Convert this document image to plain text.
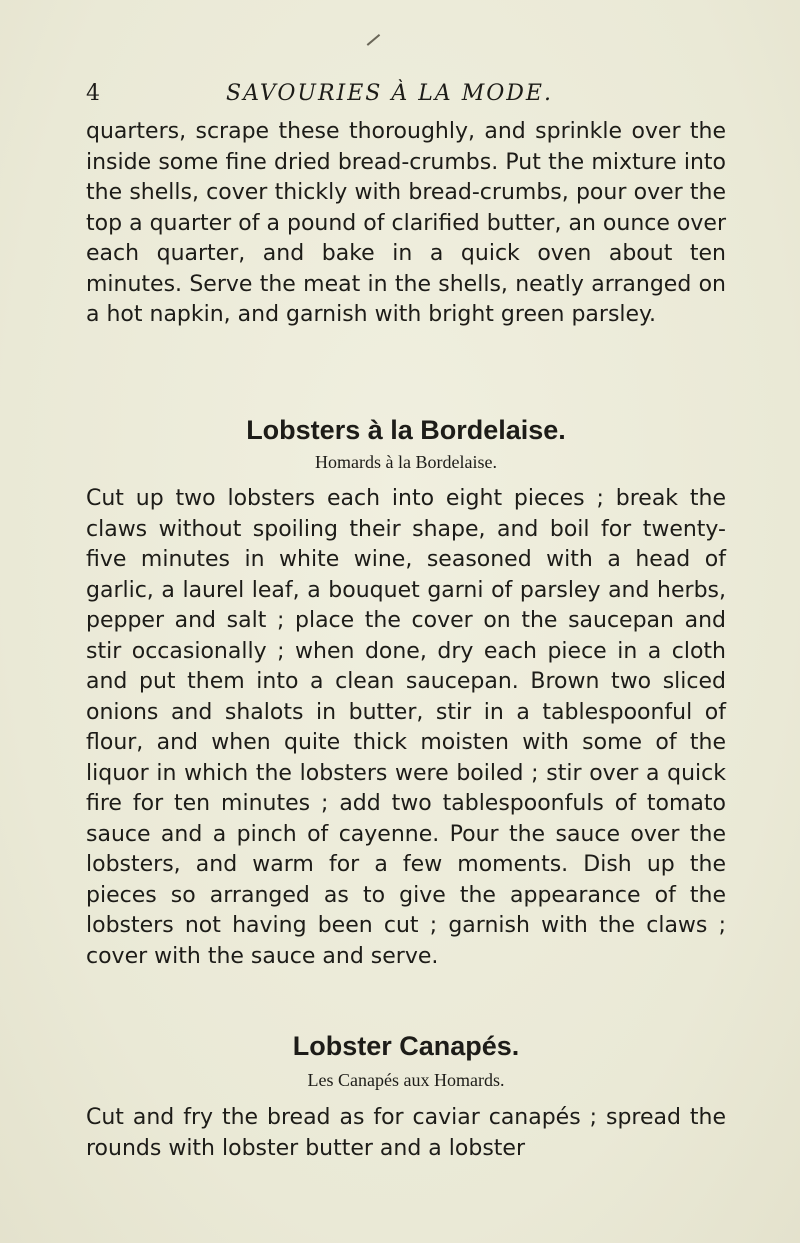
4	SAVOURIES À LA MODE.

quarters, scrape these thoroughly, and sprinkle over the inside some fine dried bread-crumbs. Put the mixture into the shells, cover thickly with bread-crumbs, pour over the top a quarter of a pound of clarified butter, an ounce over each quarter, and bake in a quick oven about ten minutes. Serve the meat in the shells, neatly arranged on a hot napkin, and garnish with bright green parsley.

Lobsters à la Bordelaise.
Homards à la Bordelaise.

Cut up two lobsters each into eight pieces ; break the claws without spoiling their shape, and boil for twenty-five minutes in white wine, seasoned with a head of garlic, a laurel leaf, a bouquet garni of parsley and herbs, pepper and salt ; place the cover on the saucepan and stir occasionally ; when done, dry each piece in a cloth and put them into a clean saucepan. Brown two sliced onions and shalots in butter, stir in a tablespoonful of flour, and when quite thick moisten with some of the liquor in which the lobsters were boiled ; stir over a quick fire for ten minutes ; add two tablespoonfuls of tomato sauce and a pinch of cayenne. Pour the sauce over the lobsters, and warm for a few moments. Dish up the pieces so arranged as to give the appearance of the lobsters not having been cut ; garnish with the claws ; cover with the sauce and serve.

Lobster Canapés.
Les Canapés aux Homards.

Cut and fry the bread as for caviar canapés ; spread the rounds with lobster butter and a lobster
